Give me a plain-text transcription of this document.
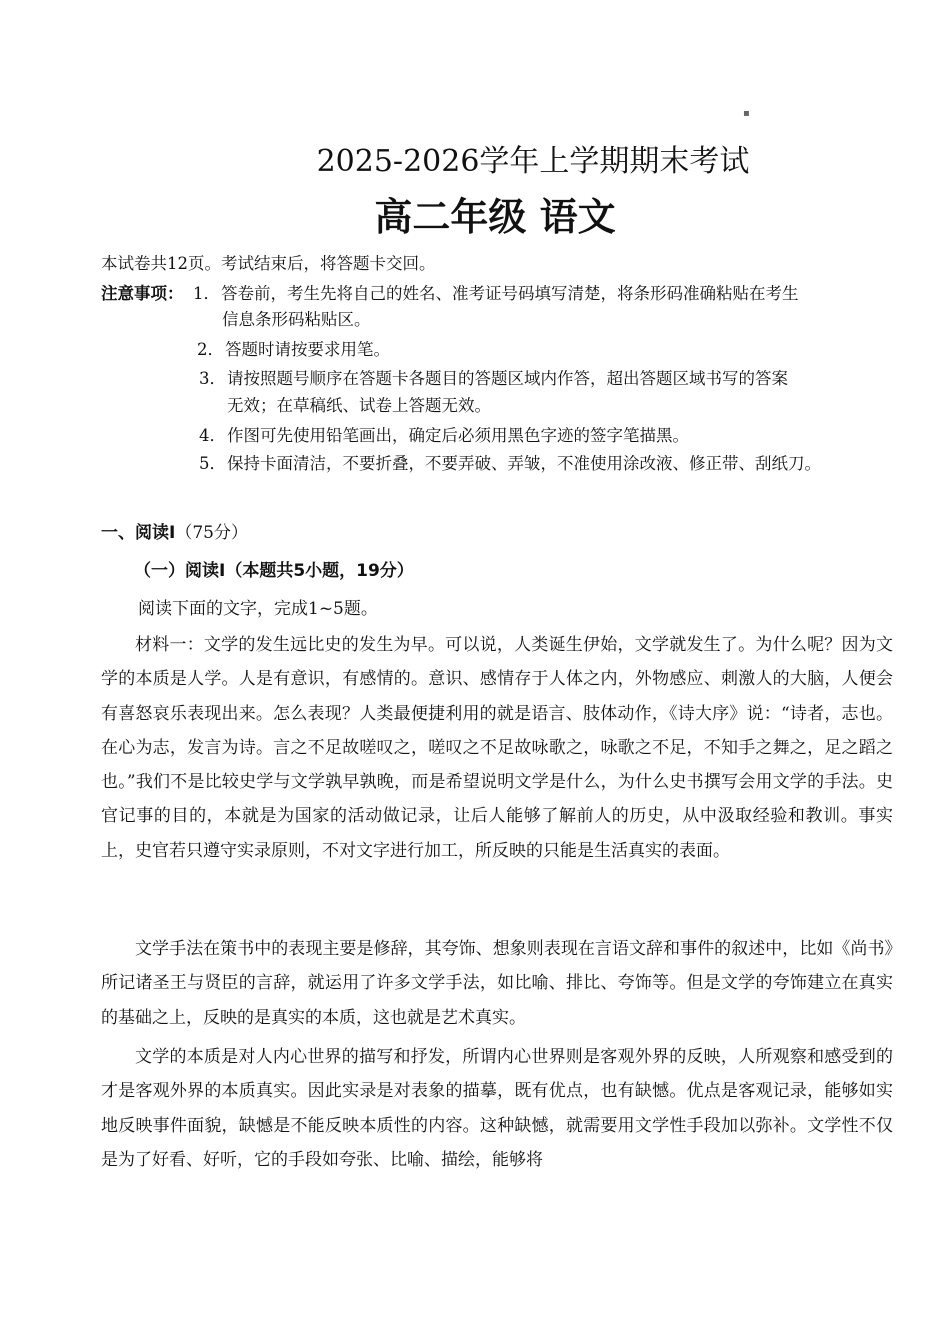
▪
2025-2026学年上学期期末考试
高二年级 语文
本试卷共12页。考试结束后，将答题卡交回。
注意事项： 1．答卷前，考生先将自己的姓名、准考证号码填写清楚，将条形码准确粘贴在考生
信息条形码粘贴区。
2．答题时请按要求用笔。
3．请按照题号顺序在答题卡各题目的答题区域内作答，超出答题区域书写的答案
无效；在草稿纸、试卷上答题无效。
4．作图可先使用铅笔画出，确定后必须用黑色字迹的签字笔描黑。
5．保持卡面清洁，不要折叠，不要弄破、弄皱，不准使用涂改液、修正带、刮纸刀。
一、阅读Ⅰ（75分）
（一）阅读Ⅰ（本题共5小题，19分）
阅读下面的文字，完成1~5题。

材料一：文学的发生远比史的发生为早。可以说，人类诞生伊始，文学就发生了。为什么呢？因为文学的本质是人学。人是有意识，有感情的。意识、感情存于人体之内，外物感应、刺激人的大脑，人便会有喜怒哀乐表现出来。怎么表现？人类最便捷利用的就是语言、肢体动作，《诗大序》说：“诗者，志也。在心为志，发言为诗。言之不足故嗟叹之，嗟叹之不足故咏歌之，咏歌之不足，不知手之舞之，足之蹈之也。”我们不是比较史学与文学孰早孰晚，而是希望说明文学是什么，为什么史书撰写会用文学的手法。史官记事的目的，本就是为国家的活动做记录，让后人能够了解前人的历史，从中汲取经验和教训。事实上，史官若只遵守实录原则，不对文字进行加工，所反映的只能是生活真实的表面。

文学手法在策书中的表现主要是修辞，其夸饰、想象则表现在言语文辞和事件的叙述中，比如《尚书》所记诸圣王与贤臣的言辞，就运用了许多文学手法，如比喻、排比、夸饰等。但是文学的夸饰建立在真实的基础之上，反映的是真实的本质，这也就是艺术真实。

文学的本质是对人内心世界的描写和抒发，所谓内心世界则是客观外界的反映，人所观察和感受到的才是客观外界的本质真实。因此实录是对表象的描摹，既有优点，也有缺憾。优点是客观记录，能够如实地反映事件面貌，缺憾是不能反映本质性的内容。这种缺憾，就需要用文学性手段加以弥补。文学性不仅是为了好看、好听，它的手段如夸张、比喻、描绘，能够将
